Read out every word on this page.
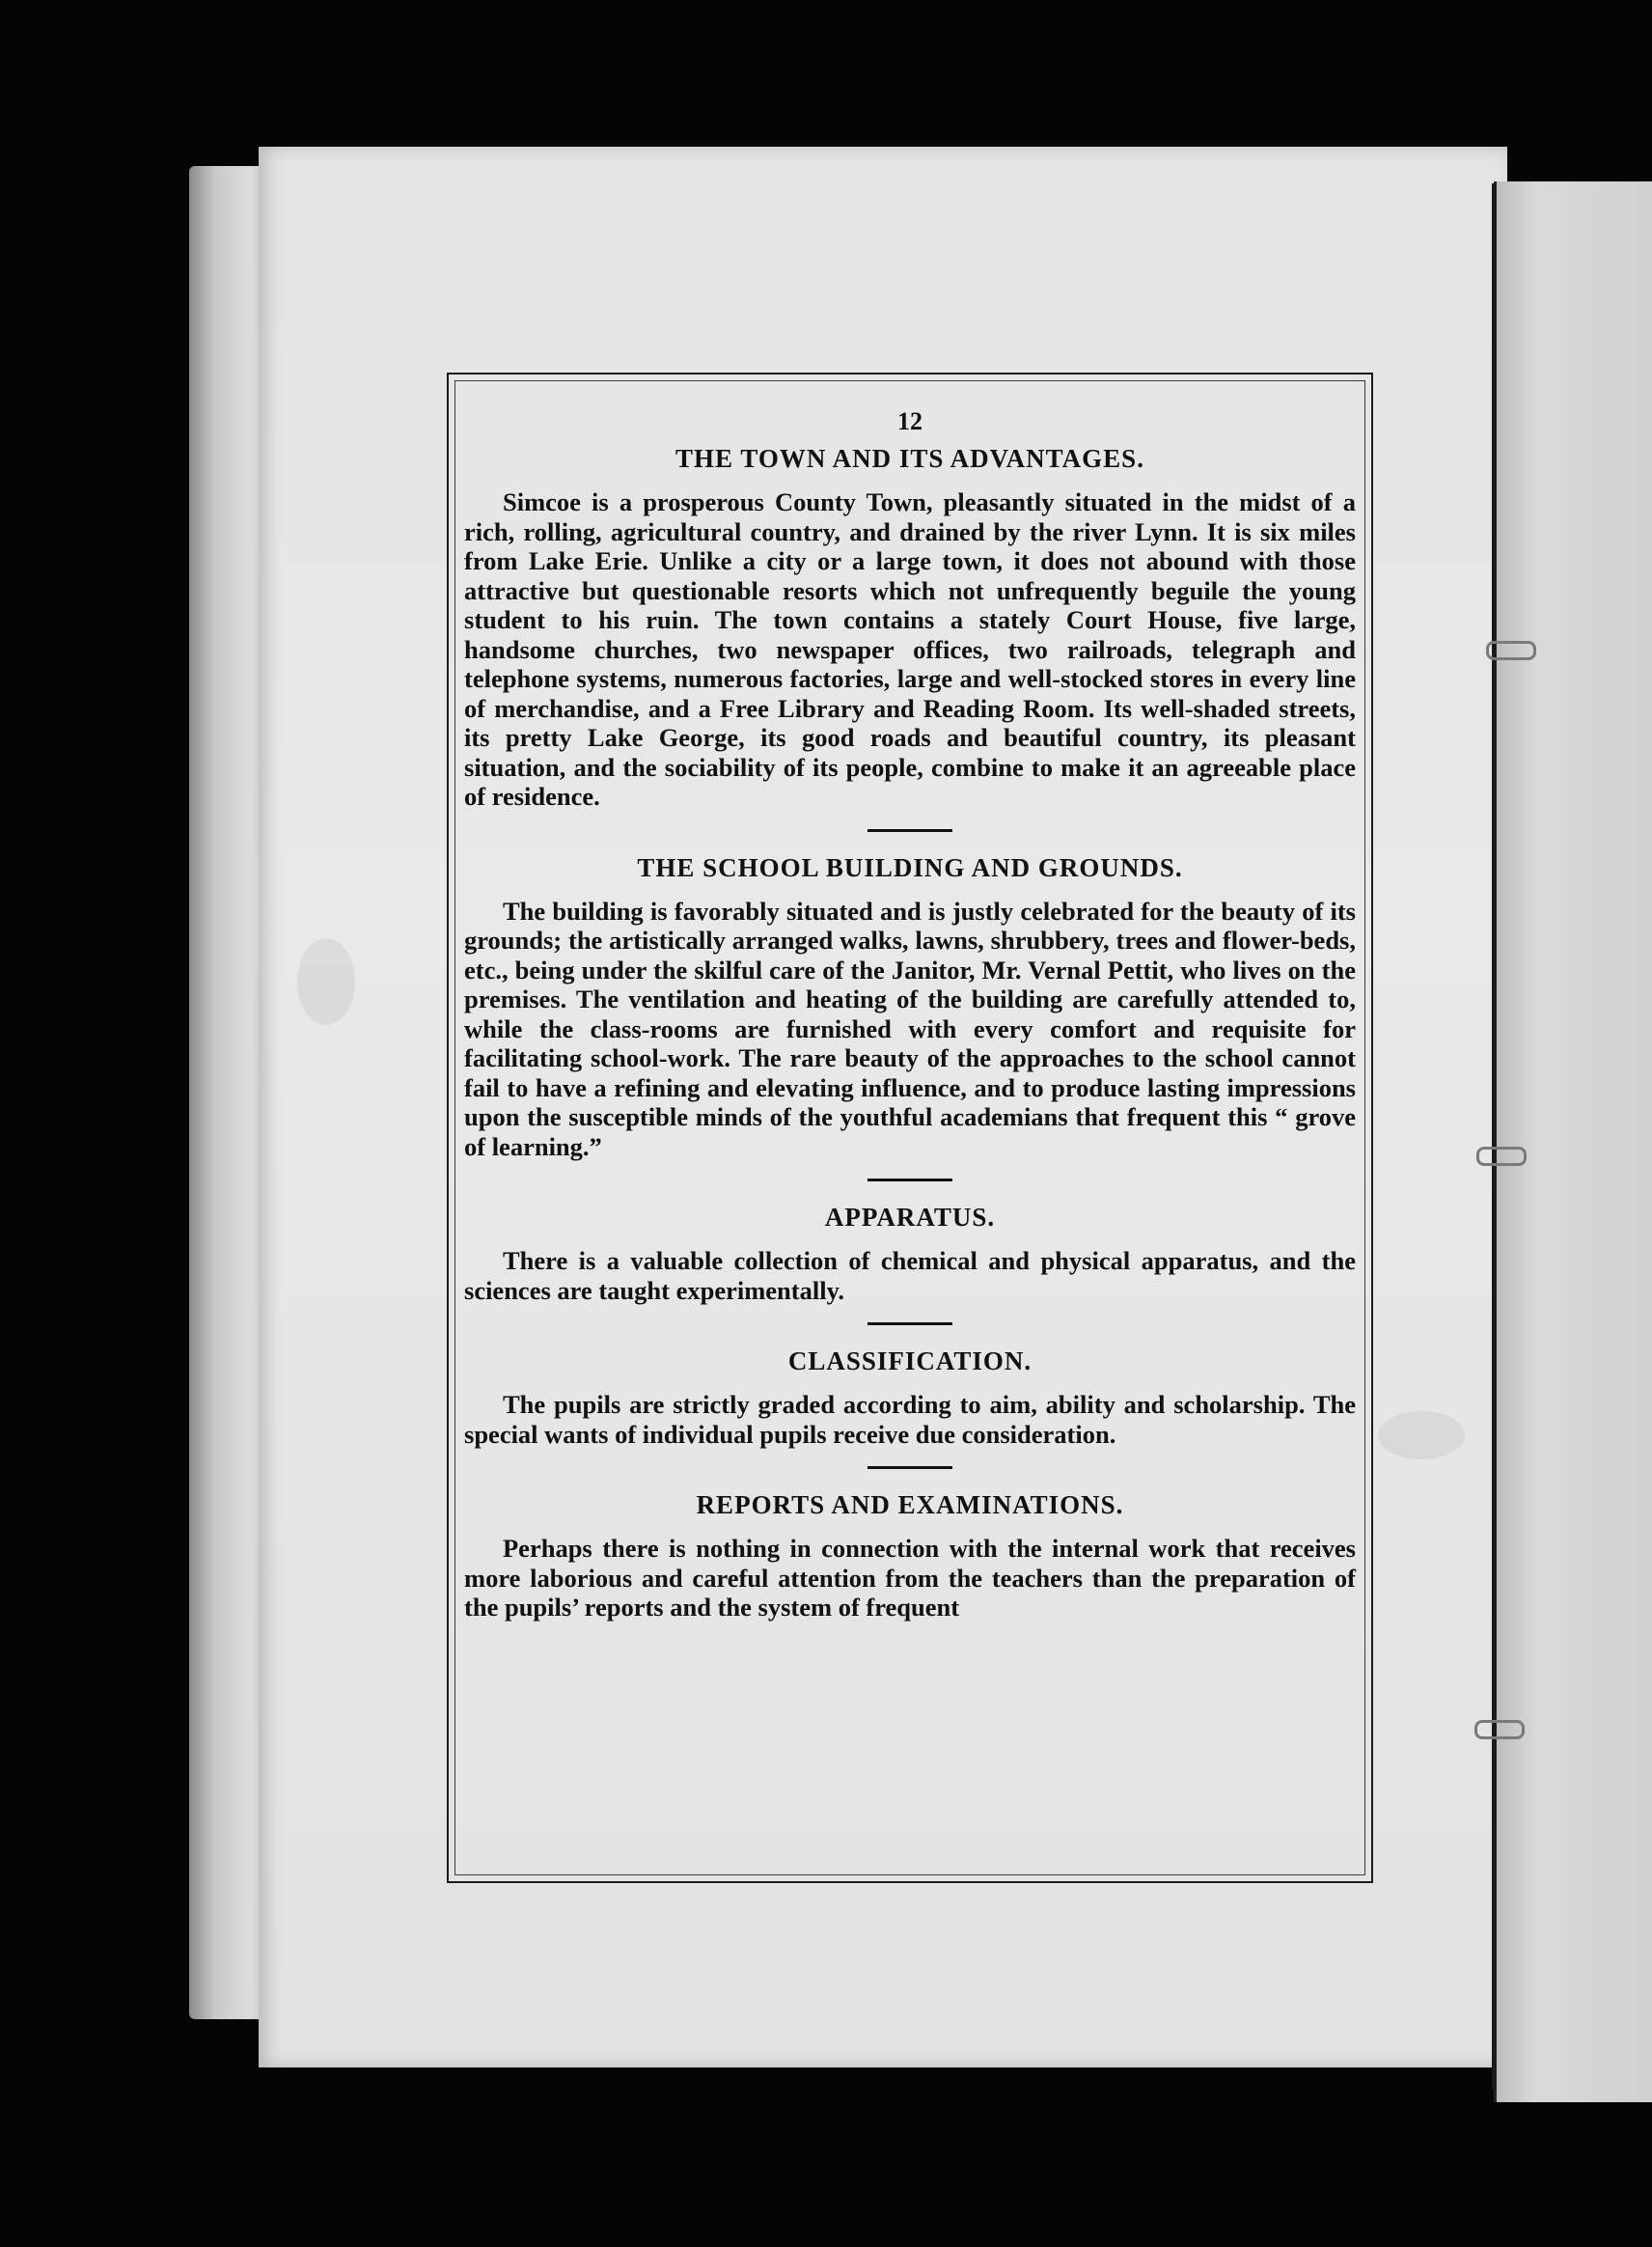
12
THE TOWN AND ITS ADVANTAGES.

Simcoe is a prosperous County Town, pleasantly situated in the midst of a rich, rolling, agricultural country, and drained by the river Lynn. It is six miles from Lake Erie. Unlike a city or a large town, it does not abound with those attractive but questionable resorts which not unfrequently beguile the young student to his ruin. The town contains a stately Court House, five large, handsome churches, two newspaper offices, two railroads, telegraph and telephone systems, numerous factories, large and well-stocked stores in every line of merchandise, and a Free Library and Reading Room. Its well-shaded streets, its pretty Lake George, its good roads and beautiful country, its pleasant situation, and the sociability of its people, combine to make it an agreeable place of residence.

THE SCHOOL BUILDING AND GROUNDS.

The building is favorably situated and is justly celebrated for the beauty of its grounds; the artistically arranged walks, lawns, shrubbery, trees and flower-beds, etc., being under the skilful care of the Janitor, Mr. Vernal Pettit, who lives on the premises. The ventilation and heating of the building are carefully attended to, while the class-rooms are furnished with every comfort and requisite for facilitating school-work. The rare beauty of the approaches to the school cannot fail to have a refining and elevating influence, and to produce lasting impressions upon the susceptible minds of the youthful academians that frequent this “ grove of learning.”

APPARATUS.

There is a valuable collection of chemical and physical apparatus, and the sciences are taught experimentally.

CLASSIFICATION.

The pupils are strictly graded according to aim, ability and scholarship. The special wants of individual pupils receive due consideration.

REPORTS AND EXAMINATIONS.

Perhaps there is nothing in connection with the internal work that receives more laborious and careful attention from the teachers than the preparation of the pupils’ reports and the system of frequent
